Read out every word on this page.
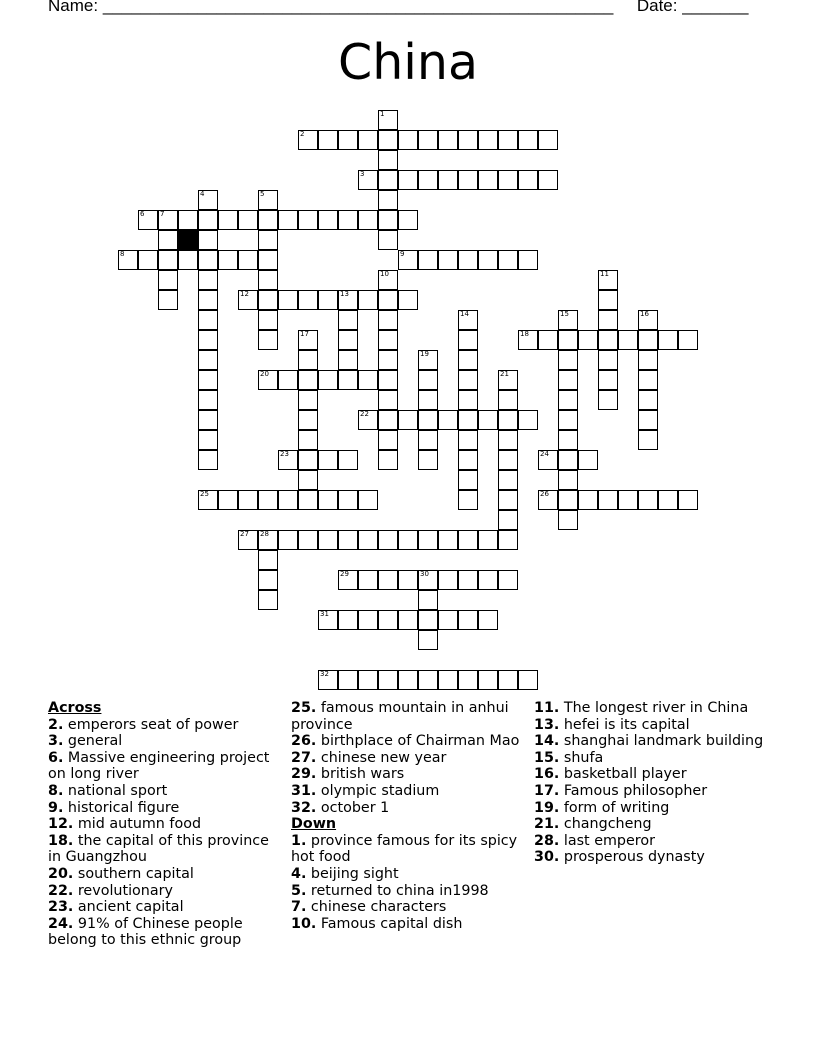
Name: ______________________________________________________ Date: _______
China
2
3
6 7
8	9
12	13
18
20
22
23	24
25	26
27 28
29	30
31
32
1
4	5
10	11
14	15	16
17
19
21
Across
2. emperors seat of power
3. general
6. Massive engineering project on long river
8. national sport
9. historical figure
12. mid autumn food
18. the capital of this province in Guangzhou
20. southern capital
22. revolutionary
23. ancient capital
24. 91% of Chinese people belong to this ethnic group
25. famous mountain in anhui province
26. birthplace of Chairman Mao
27. chinese new year
29. british wars
31. olympic stadium
32. october 1
Down
1. province famous for its spicy hot food
4. beijing sight
5. returned to china in1998
7. chinese characters
10. Famous capital dish
11. The longest river in China
13. hefei is its capital
14. shanghai landmark building
15. shufa
16. basketball player
17. Famous philosopher
19. form of writing
21. changcheng
28. last emperor
30. prosperous dynasty
